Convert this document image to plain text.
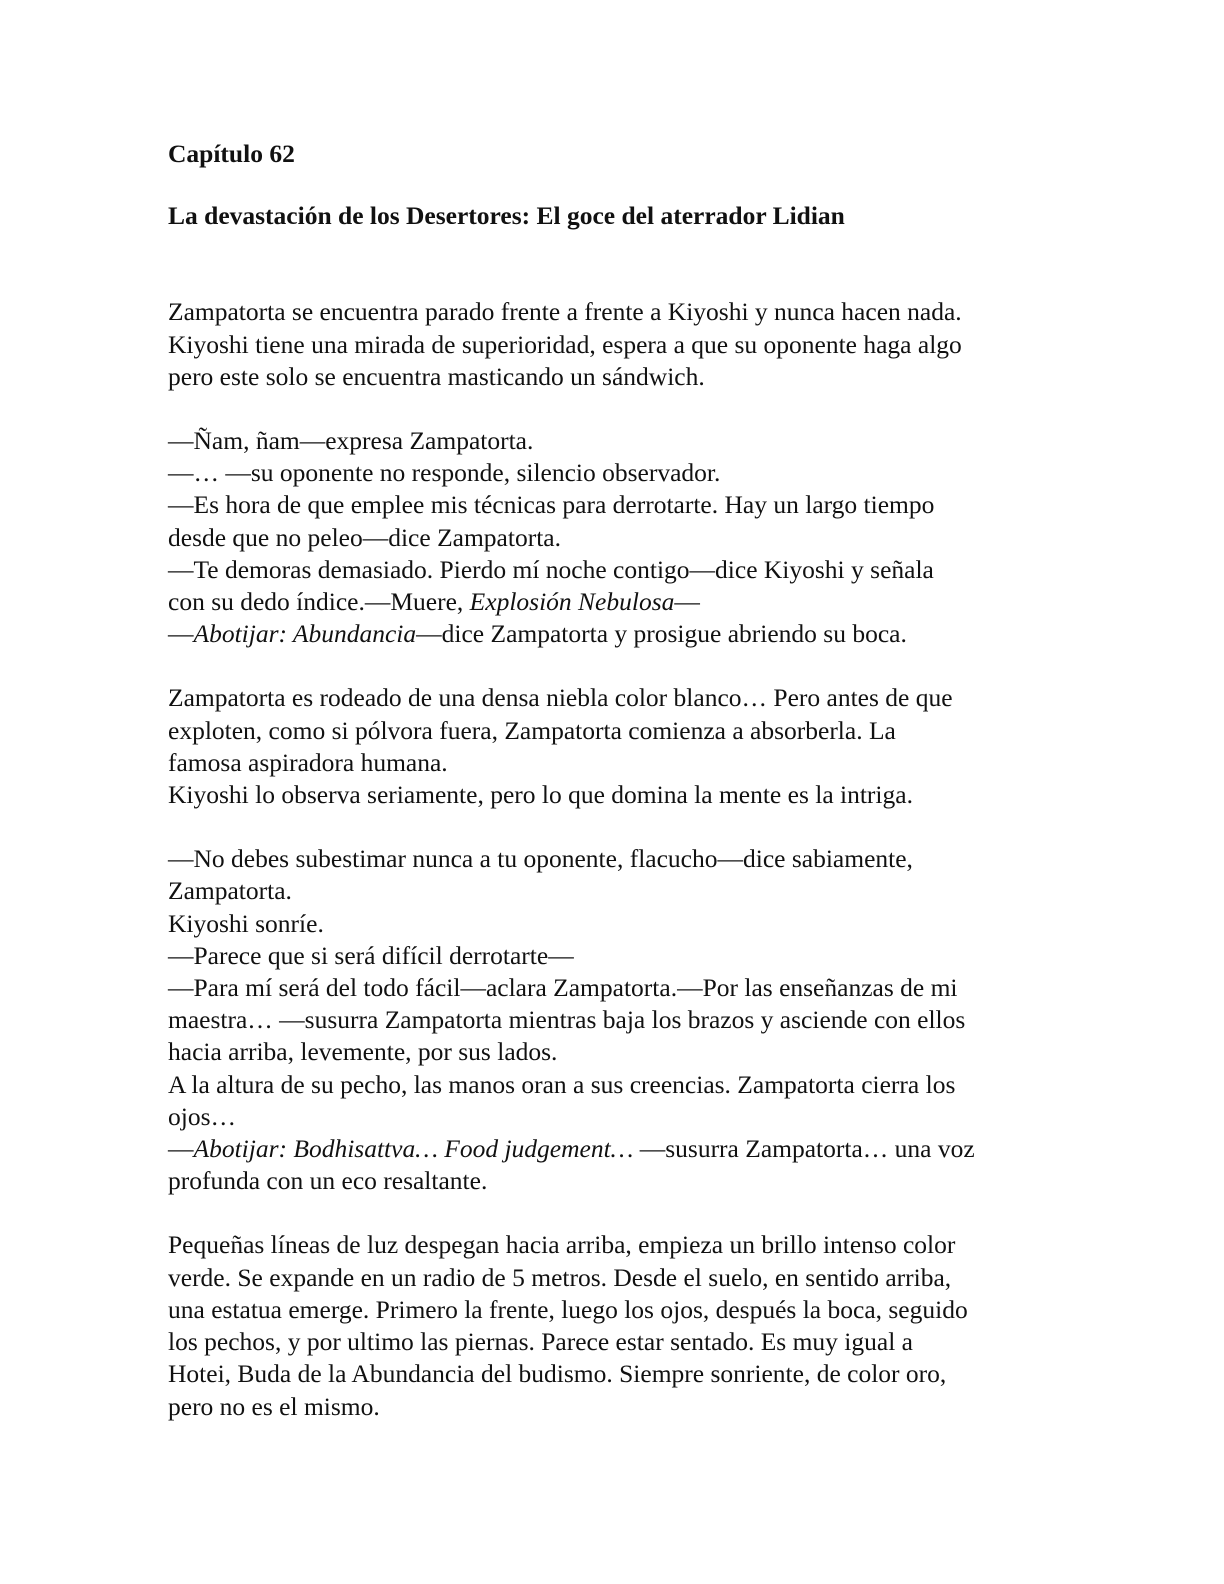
Capítulo 62
La devastación de los Desertores: El goce del aterrador Lidian
Zampatorta se encuentra parado frente a frente a Kiyoshi y nunca hacen nada.
Kiyoshi tiene una mirada de superioridad, espera a que su oponente haga algo
pero este solo se encuentra masticando un sándwich.
—Ñam, ñam—expresa Zampatorta.
—… —su oponente no responde, silencio observador.
—Es hora de que emplee mis técnicas para derrotarte. Hay un largo tiempo
desde que no peleo—dice Zampatorta.
—Te demoras demasiado. Pierdo mí noche contigo—dice Kiyoshi y señala
con su dedo índice.—Muere, Explosión Nebulosa—
—Abotijar: Abundancia—dice Zampatorta y prosigue abriendo su boca.
Zampatorta es rodeado de una densa niebla color blanco… Pero antes de que
exploten, como si pólvora fuera, Zampatorta comienza a absorberla. La
famosa aspiradora humana.
Kiyoshi lo observa seriamente, pero lo que domina la mente es la intriga.
—No debes subestimar nunca a tu oponente, flacucho—dice sabiamente,
Zampatorta.
Kiyoshi sonríe.
—Parece que si será difícil derrotarte—
—Para mí será del todo fácil—aclara Zampatorta.—Por las enseñanzas de mi
maestra… —susurra Zampatorta mientras baja los brazos y asciende con ellos
hacia arriba, levemente, por sus lados.
A la altura de su pecho, las manos oran a sus creencias. Zampatorta cierra los
ojos…
—Abotijar: Bodhisattva… Food judgement… —susurra Zampatorta… una voz
profunda con un eco resaltante.
Pequeñas líneas de luz despegan hacia arriba, empieza un brillo intenso color
verde. Se expande en un radio de 5 metros. Desde el suelo, en sentido arriba,
una estatua emerge. Primero la frente, luego los ojos, después la boca, seguido
los pechos, y por ultimo las piernas. Parece estar sentado. Es muy igual a
Hotei, Buda de la Abundancia del budismo. Siempre sonriente, de color oro,
pero no es el mismo.
